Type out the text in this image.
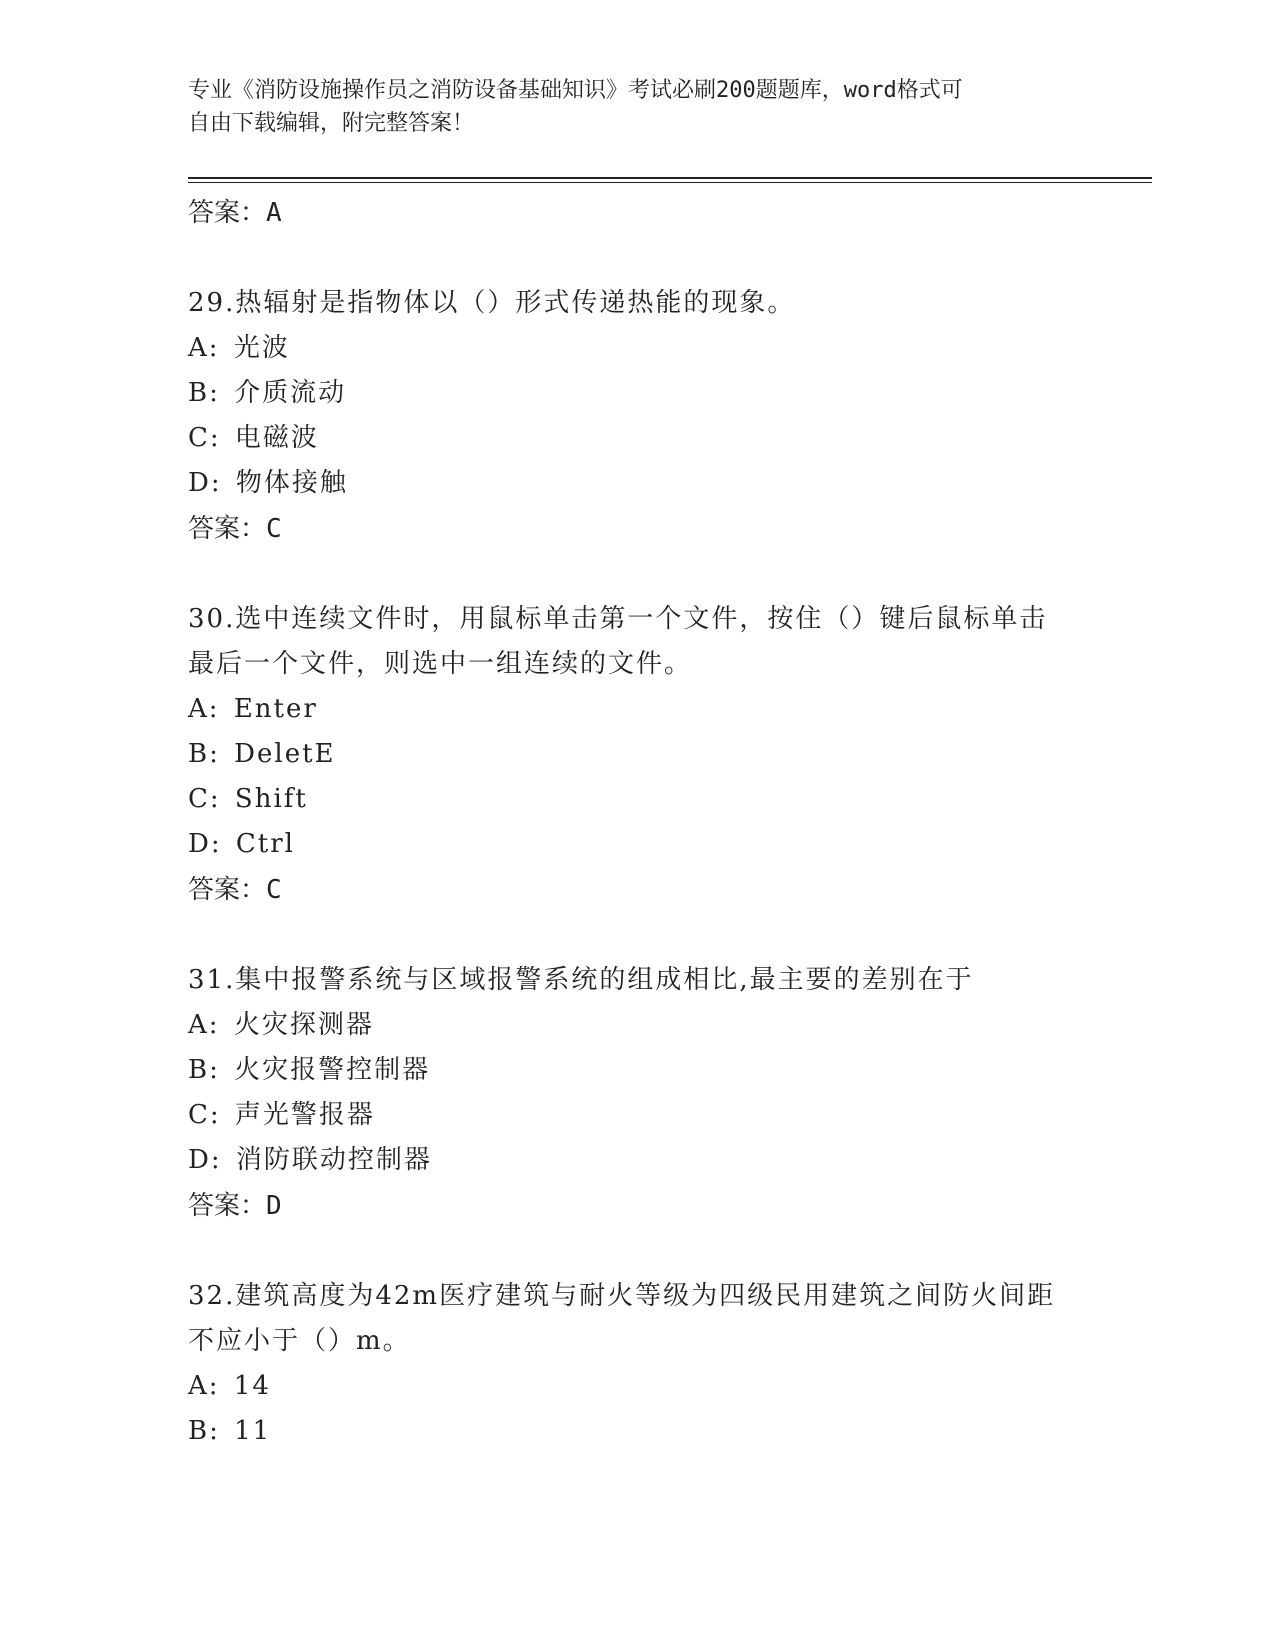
专业《消防设施操作员之消防设备基础知识》考试必刷200题题库，word格式可
自由下载编辑，附完整答案！
答案：A
29.热辐射是指物体以（）形式传递热能的现象。
A: 光波
B: 介质流动
C: 电磁波
D: 物体接触
答案：C
30.选中连续文件时，用鼠标单击第一个文件，按住（）键后鼠标单击
最后一个文件，则选中一组连续的文件。
A: Enter
B: DeletE
C: Shift
D: Ctrl
答案：C
31.集中报警系统与区域报警系统的组成相比,最主要的差别在于
A: 火灾探测器
B: 火灾报警控制器
C: 声光警报器
D: 消防联动控制器
答案：D
32.建筑高度为42m医疗建筑与耐火等级为四级民用建筑之间防火间距
不应小于（）m。
A: 14
B: 11
